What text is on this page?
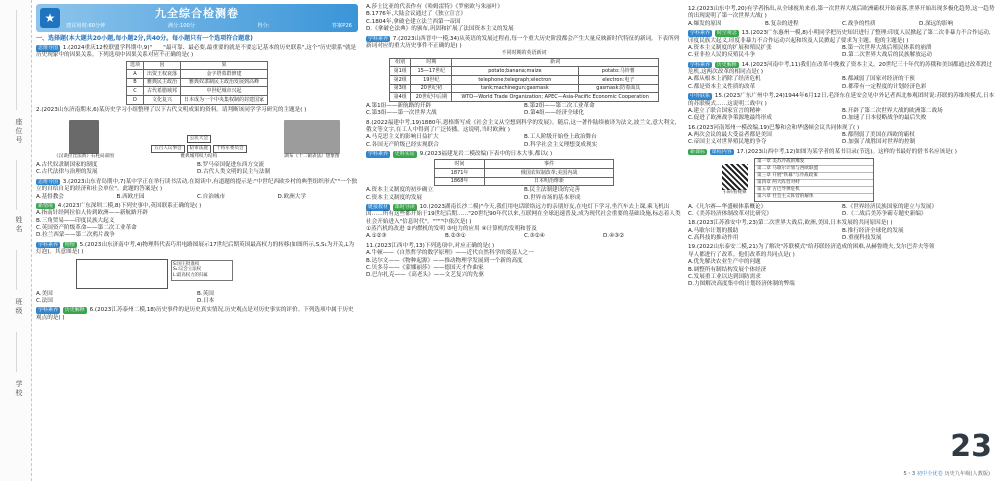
座位号
姓名
班级
学校
★	九全综合检测卷
建议用时:60分钟	满分:100分	得分:	答案P26
一、选择题(本大题共20小题,每小题2分,共40分。每小题只有一个选项符合题意)
思维导图 1.(2024重庆12校联盟学科期中,9)"____"最可靠、最必要,最重要的就是不要忘记基本的历史联系",这个"历史联系"就是历史现象中的因果关系。下列选项中因果关系对应不正确的是( )
选项	因	果
A	出资王权衰落	金字塔墓群修建
B	雅典民主政治	雅典奴隶制民主政治发展到高峰
C	古代希腊城邦	中世纪城市兴起
D	文化复兴	日本成为一个中央集权制的封建国家
2.(2023山东济南期末,6)某历史学习小组整理了以下古代文明成果的资料。请判断该同学学习研究的主题是( )
《汉谟拉比法典》石柱局部图
公民大会
五百人议事会	陪审法庭	十将军委员会
雅典城邦权力结构	湖布《十二铜表法》想象图
A.古代奴隶制国家的制度	B.罗马帝国促进东西方交流
C.古代法律与治理的发展	D.古代人类文明的民主与法制
思维导图 3.(2023山东青岛期中,7)某中学正在举行读书活动,在阅读中,有道题的提示是:"中世纪西欧乡村的典型组织形式""一个独立的自给自足的经济和社会单位"。此题的答案是( )
A.基督教会	B.西欧庄园	C.自治城市	D.欧洲大学
新情境 4.(2023广东深圳二模,8)下列史事中,英国联系正确的是( )
A.指南针经阿拉伯人传到欧洲——新航路开辟
B.三角贸易——印度民族大起义
C.英国资产阶级革命——第二次工业革命
D.拉兰西蒙——第二次鸦片战争
学科素养 物理 5.(2023山东济南中考,4)物理科代表巧用电路图展示17世纪后期英国最高权力的转移(如图所示,S,S₁为开关,L为灯泡)。其意图是( )
S:国王批准权
S₁:议会立法权
L:最高权力的归属
A.美国	B.英国
C.法国	D.日本
学科素养 历史解释 6.(2023江苏泰州二模,18)历史事件的是历史真实情况,历史观点是对历史事实的评价。下列选项中属于历史观点的是( )
A.莎士比亚的代表作有《哈姆雷特》《罗密欧与朱丽叶》
B.1776年,大陆会议通过了《独立宣言》
C.1804年,拿破仑建立法兰西第一帝国
D.《拿破仑法典》的颁布,巩固和扩展了法国资本主义的发展
学科素养 7.(2023山西晋中一模,34)从英语的发展过程看,每一个重大历史阶段都会产生大量反映新时代特征的新词。下表所列新词对应的重大历史事件不正确的是( )
不同时期的英语新词
组别	时期	新词	
第1组	15—17世纪	potato;banana;maize	potato:马铃薯
第2组	19世纪	telephone;telegraph;electron	electron:电子
第3组	20世纪初	tank;machinegun;gasmask	gasmask:防毒面具
第4组	20世纪中后期	WTO—World Trade Organization; APEC—Asia-Pacific Economic Cooperation	
A.第1组——新航路的开辟	B.第2组——第二次工业革命
C.第3组——第一次世界大战	D.第4组——经济全球化
8.(2022福建中考,19)1880年,恩格斯写成《社会主义从空想到科学的发展》。随后,这一著作陆续被译为法文,波兰文,意大利文,俄文等文字,在工人中得到了广泛传播。这说明,当时欧洲( )
A.马克思主义的影响日益扩大	B.工人阶级开始登上政治舞台
C.各国无产阶级已经实现联合	D.科学社会主义理想变成现实
学科素养 史料实证 9.(2023福建龙岩二模改编)下表中的日本大事,都以( )
时间	事件
1871年	俄国农奴制改革;美国内战
1868年	日本明治维新
A.资本主义制度的初步确立	B.民主法制建设的完善
C.资本主义制度的发展	D.世界市场的基本形成
链接教材 课时导读 10.(2023湖南长沙二模)"今天,我们用电话联络远方的亲朋好友,在电灯下学习,坐汽车去上课,乘飞机出国……所有这些都开始于19世纪后期……"20世纪90年代以来,互联网在全球迅速普及,成为现代社会重要的基础设施,标志着人类社会开始进入"信息时代"。""""中依次是( )
①蒸汽机的改进 ②内燃机的发明 ③电力的应用 ④计算机的发明和普及
A.①②③	B.②③①	C.③②④	D.④③②
11.(2023江西中考,13)下列选项中,对应正确的是( )
A.牛顿——《自然哲学的数学原理》——近代自然科学的奠基人之一
B.达尔文——《物种起源》——推动物理学发展到一个新的高度
C.贝多芬——《蒙娜丽莎》——德国天才作曲家
D.巴尔扎克——《高老头》——文艺复兴的先驱
12.(2023山东中考,20)有学者指出,从全球视角来看,第一次世界大战后欧洲霸权开始衰落,世界开始出现多极化趋势,这一趋势的出现说明了第一次世界大战( )
A.爆发的原因	B.复杂的进程	C.战争的性质	D.深远的影响
学科素养 时空观念 13.(2023广东惠州一模,8)小明同学把历史知识进行了整理:印度人民掀起了第二次非暴力不合作运动,印度民族大起义,印度非暴力不合作运动兴起和埃及人民掀起了要求为主题。他的主题是( )
A.资本主义制度的扩展和殖民扩张	B.第一次世界大战后殖民体系的崩溃
C.亚非拉人民的反殖民斗争	D.第二次世界大战后的民族解放运动
学科素养 历史解释 14.(2023河南中考,11)我们在改革中挽救了资本主义。20世纪三十年代的苏俄和美国都通过改革渡过危机,这两次改革的相同点是( )
A.都从根本上消除了经济危机	B.都减弱了国家对经济的干预
C.都是资本主义性质的改革	D.都带有一定程度的计划经济色彩
中外联系 15.(2023广东广州中考,24)1944年6月12日,毛泽东在延安会见中外记者西北参观团时说:苏联的苏维埃模式,日本的苏联模式……这说明二战中( )
A.建立了联合国家宣言的精神	B.开辟了第二次世界大战的欧洲第二战场
C.促进了欧洲战争策源地最终形成	D.加速了日本侵略战争的最后失败
16.(2023河南郑州一模改编,19)巴黎和会和华盛顿会议共同体现了( )
A.两次会议的最大受益者都是美国	B.都削弱了美国在西欧的霸权
C.帝国主义对世界殖民地的争夺	D.加强了战胜国对世界的控制
新课标 课程内容 17.(2023山西中考,12)如图为某学者的某书目录(节选)。这样的书最好的借书名应该是( )
扫码看视频
第一章 美苏冷战的爆发
第二章 马歇尔计划与西欧联盟
第三章 开展"铁幕"与冷战政策
第四章 两大阵营对峙
第五章 古巴导弹危机
第六章 社会主义阵营的解体
A.《凡尔赛—华盛顿体系概论》	B.《世界经济民族国家的建立与发展》
C.《美苏经济体制改革对比研究》	D.《二战后美苏争霸专题史新编》
18.(2023江苏淮安中考,23)第二次世界大战后,欧洲,美国,日本发展的共同原因是( )
A.马歇尔计划的援助	B.推行经济全球化的发展
C.高科技的推动作用	D.重视科技发展
19.(2022山东泰安二模,21)为了解决"苏联模式"给苏联经济造成的困难,从赫鲁晓夫,戈尔巴乔夫等领导人都进行了改革。他们改革的共同点是( )
A.优先解决农业生产中的问题
B.调整所有制结构发展个体经济
C.发展重工业以达到国防需求
D.力图解决高度集中的计划经济体制的弊端
23
5・3 初中全优卷 历史九年级(人教版)
